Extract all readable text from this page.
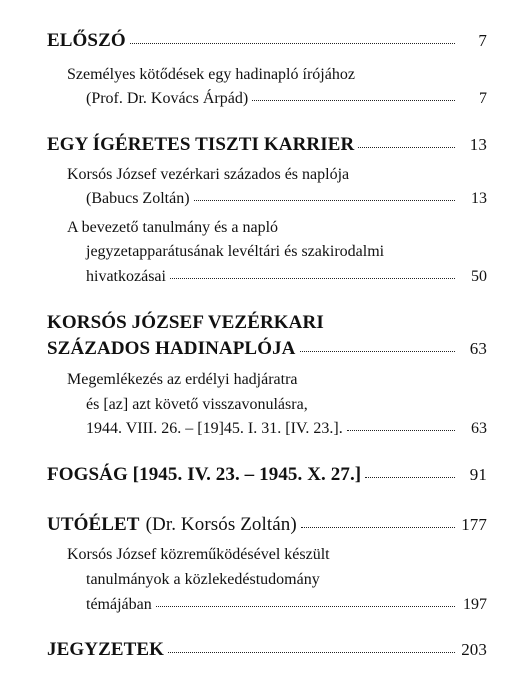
ELŐSZÓ	7
Személyes kötődések egy hadinapló írójához
(Prof. Dr. Kovács Árpád)	7
EGY ÍGÉRETES TISZTI KARRIER	13
Korsós József vezérkari százados és naplója
(Babucs Zoltán)	13
A bevezető tanulmány és a napló
jegyzetapparátusának levéltári és szakirodalmi
hivatkozásai	50
KORSÓS JÓZSEF VEZÉRKARI
SZÁZADOS HADINAPLÓJA	63
Megemlékezés az erdélyi hadjáratra
és [az] azt követő visszavonulásra,
1944. VIII. 26. – [19]45. I. 31. [IV. 23.].	63
FOGSÁG [1945. IV. 23. – 1945. X. 27.]	91
UTÓÉLET (Dr. Korsós Zoltán)	177
Korsós József közreműködésével készült
tanulmányok a közlekedéstudomány
témájában	197
JEGYZETEK	203
